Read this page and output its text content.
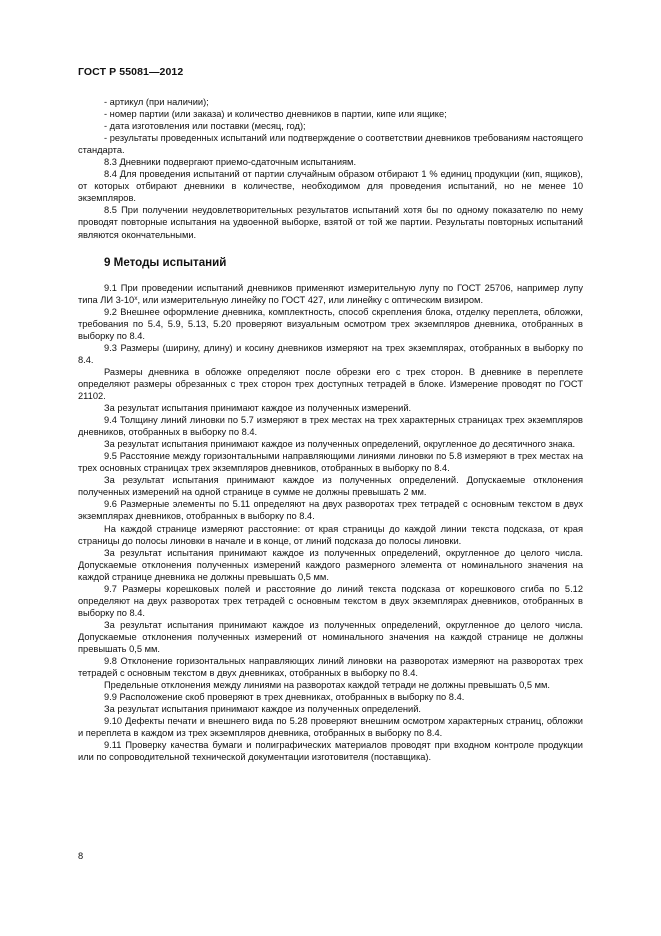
ГОСТ Р 55081—2012

- артикул (при наличии);

- номер партии (или заказа) и количество дневников в партии, кипе или ящике;

- дата изготовления или поставки (месяц, год);

- результаты проведенных испытаний или подтверждение о соответствии дневников требованиям настоящего стандарта.

8.3 Дневники подвергают приемо-сдаточным испытаниям.

8.4 Для проведения испытаний от партии случайным образом отбирают 1 % единиц продукции (кип, ящиков), от которых отбирают дневники в количестве, необходимом для проведения испытаний, но не менее 10 экземпляров.

8.5 При получении неудовлетворительных результатов испытаний хотя бы по одному показателю по нему проводят повторные испытания на удвоенной выборке, взятой от той же партии. Результаты повторных испытаний являются окончательными.

9 Методы испытаний

9.1 При проведении испытаний дневников применяют измерительную лупу по ГОСТ 25706, например лупу типа ЛИ 3-10$^x$, или измерительную линейку по ГОСТ 427, или линейку с оптическим визиром.

9.2 Внешнее оформление дневника, комплектность, способ скрепления блока, отделку переплета, обложки, требования по 5.4, 5.9, 5.13, 5.20 проверяют визуальным осмотром трех экземпляров дневника, отобранных в выборку по 8.4.

9.3 Размеры (ширину, длину) и косину дневников измеряют на трех экземплярах, отобранных в выборку по 8.4.

Размеры дневника в обложке определяют после обрезки его с трех сторон. В дневнике в переплете определяют размеры обрезанных с трех сторон трех доступных тетрадей в блоке. Измерение проводят по ГОСТ 21102.

За результат испытания принимают каждое из полученных измерений.

9.4 Толщину линий линовки по 5.7 измеряют в трех местах на трех характерных страницах трех экземпляров дневников, отобранных в выборку по 8.4.

За результат испытания принимают каждое из полученных определений, округленное до десятичного знака.

9.5 Расстояние между горизонтальными направляющими линиями линовки по 5.8 измеряют в трех местах на трех основных страницах трех экземпляров дневников, отобранных в выборку по 8.4.

За результат испытания принимают каждое из полученных определений. Допускаемые отклонения полученных измерений на одной странице в сумме не должны превышать 2 мм.

9.6 Размерные элементы по 5.11 определяют на двух разворотах трех тетрадей с основным текстом в двух экземплярах дневников, отобранных в выборку по 8.4.

На каждой странице измеряют расстояние: от края страницы до каждой линии текста подсказа, от края страницы до полосы линовки в начале и в конце, от линий подсказа до полосы линовки.

За результат испытания принимают каждое из полученных определений, округленное до целого числа. Допускаемые отклонения полученных измерений каждого размерного элемента от номинального значения на каждой странице дневника не должны превышать 0,5 мм.

9.7 Размеры корешковых полей и расстояние до линий текста подсказа от корешкового сгиба по 5.12 определяют на двух разворотах трех тетрадей с основным текстом в двух экземплярах дневников, отобранных в выборку по 8.4.

За результат испытания принимают каждое из полученных определений, округленное до целого числа. Допускаемые отклонения полученных измерений от номинального значения на каждой странице не должны превышать 0,5 мм.

9.8 Отклонение горизонтальных направляющих линий линовки на разворотах измеряют на разворотах трех тетрадей с основным текстом в двух дневниках, отобранных в выборку по 8.4.

Предельные отклонения между линиями на разворотах каждой тетради не должны превышать 0,5 мм.

9.9 Расположение скоб проверяют в трех дневниках, отобранных в выборку по 8.4.

За результат испытания принимают каждое из полученных определений.

9.10 Дефекты печати и внешнего вида по 5.28 проверяют внешним осмотром характерных страниц, обложки и переплета в каждом из трех экземпляров дневника, отобранных в выборку по 8.4.

9.11 Проверку качества бумаги и полиграфических материалов проводят при входном контроле продукции или по сопроводительной технической документации изготовителя (поставщика).

8
